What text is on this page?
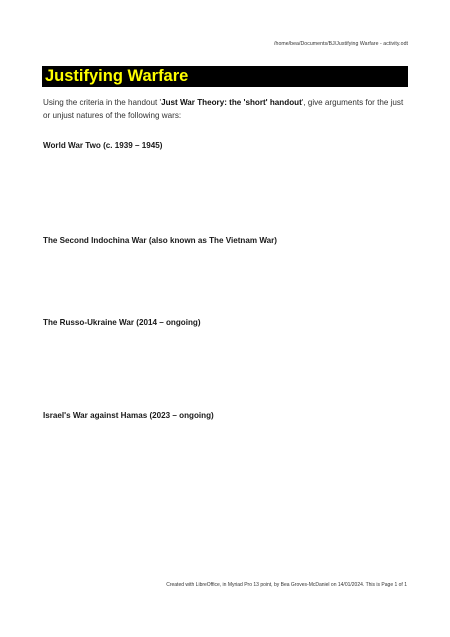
/home/bea/Documents/BJ/Justifying Warfare - activity.odt
Justifying Warfare
Using the criteria in the handout 'Just War Theory: the 'short' handout', give arguments for the just or unjust natures of the following wars:
World War Two (c. 1939 – 1945)
The Second Indochina War (also known as The Vietnam War)
The Russo-Ukraine War (2014 – ongoing)
Israel's War against Hamas (2023 – ongoing)
Created with LibreOffice, in Myriad Pro 13 point, by Bea Groves-McDaniel on 14/01/2024. This is Page 1 of 1
